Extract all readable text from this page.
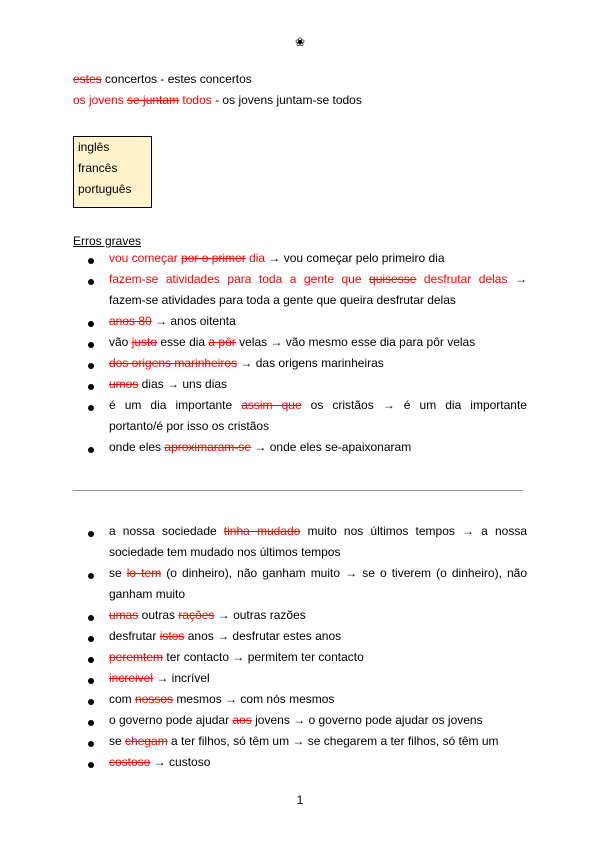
❀
estes concertos - estes concertos
os jovens se juntam todos - os jovens juntam-se todos
inglês
francês
português
Erros graves
vou começar por o primer dia → vou começar pelo primeiro dia
fazem-se atividades para toda a gente que quisesse desfrutar delas →
fazem-se atividades para toda a gente que queira desfrutar delas
anos 80 → anos oitenta
vão justo esse dia a pôr velas → vão mesmo esse dia para pôr velas
dos origens marinheiros → das origens marinheiras
umos dias → uns dias
é um dia importante assim que os cristãos → é um dia importante
portanto/é por isso os cristãos
onde eles aproximaram-se → onde eles se-apaixonaram
a nossa sociedade tinha mudado muito nos últimos tempos → a nossa
sociedade tem mudado nos últimos tempos
se lo tem (o dinheiro), não ganham muito → se o tiverem (o dinheiro), não
ganham muito
umas outras rações → outras razões
desfrutar istos anos → desfrutar estes anos
peremtem ter contacto → permitem ter contacto
increivel → incrível
com nossos mesmos → com nós mesmos
o governo pode ajudar aos jovens → o governo pode ajudar os jovens
se chegam a ter filhos, só têm um → se chegarem a ter filhos, só têm um
costoso → custoso
1
